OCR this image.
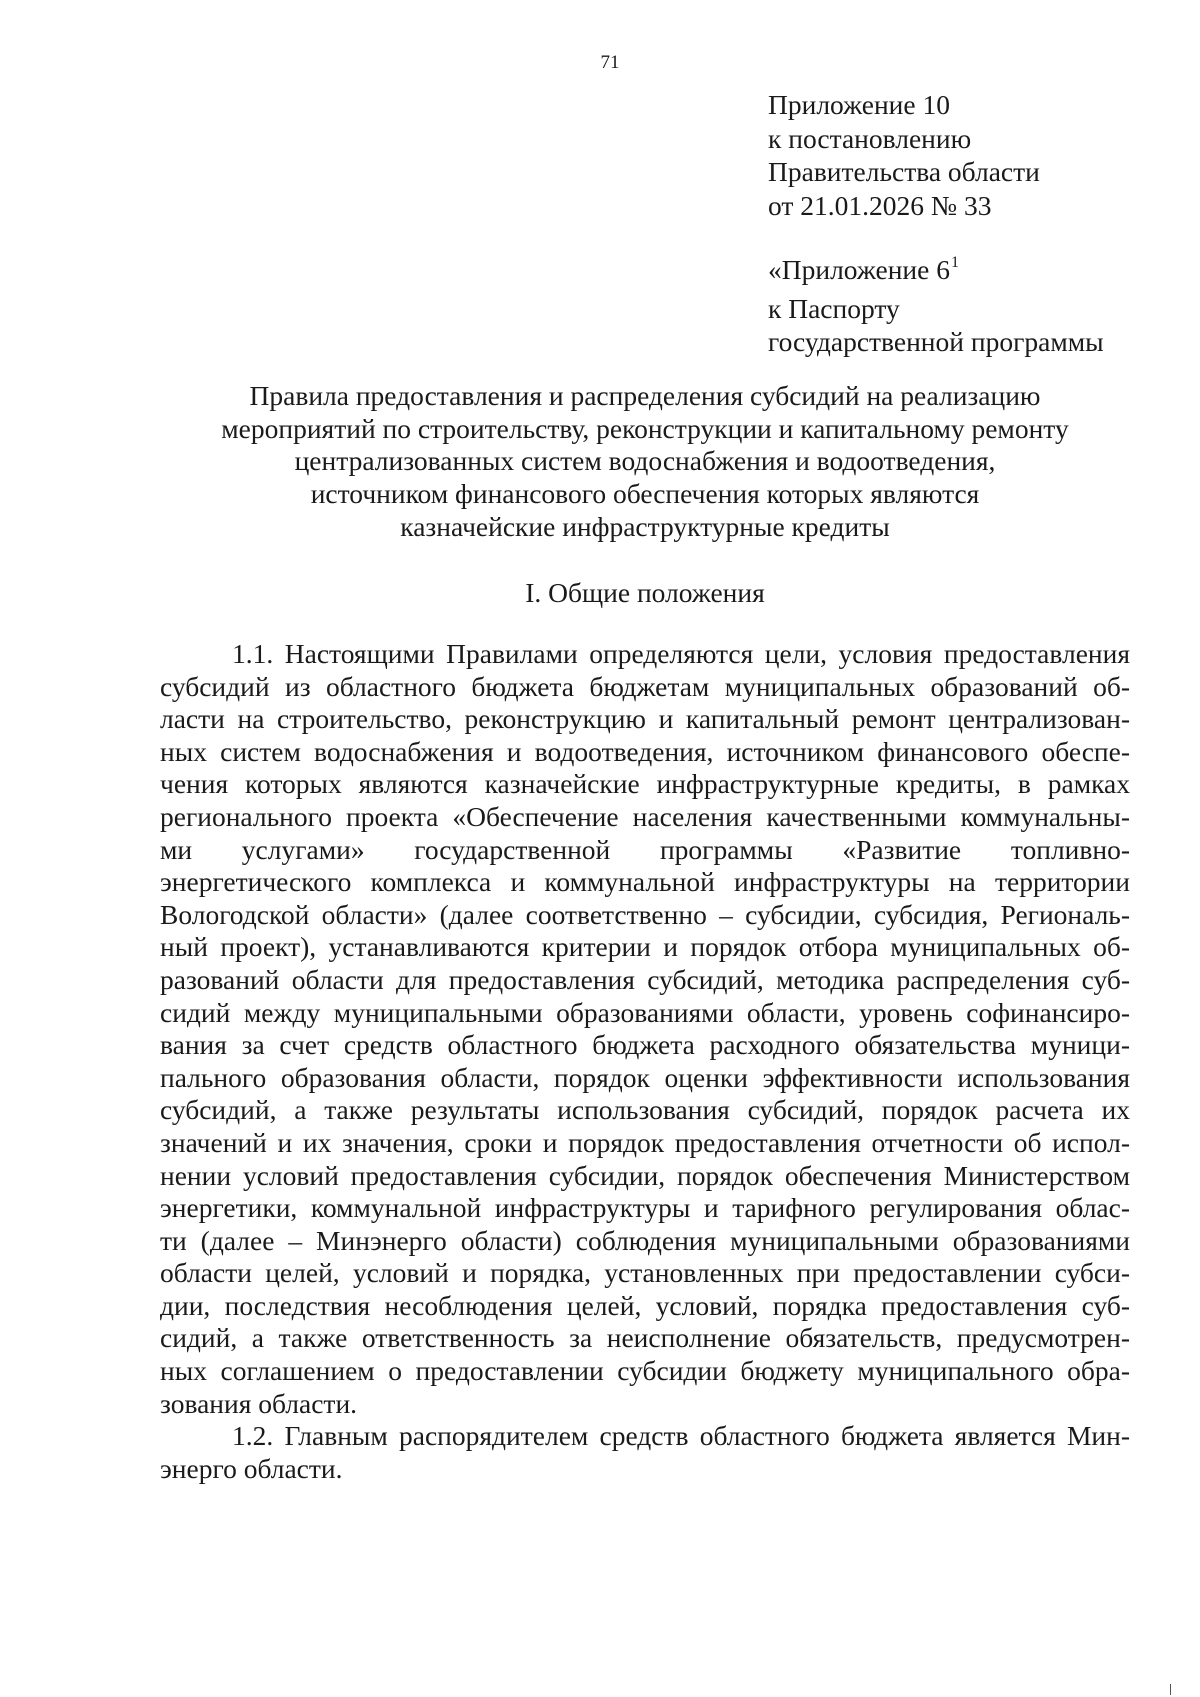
71
Приложение 10
к постановлению
Правительства области
от 21.01.2026 № 33
«Приложение $6^1$
к Паспорту
государственной программы
Правила предоставления и распределения субсидий на реализацию
мероприятий по строительству, реконструкции и капитальному ремонту
централизованных систем водоснабжения и водоотведения,
источником финансового обеспечения которых являются
казначейские инфраструктурные кредиты
I. Общие положения
1.1. Настоящими Правилами определяются цели, условия предоставления
субсидий из областного бюджета бюджетам муниципальных образований об-
ласти на строительство, реконструкцию и капитальный ремонт централизован-
ных систем водоснабжения и водоотведения, источником финансового обеспе-
чения которых являются казначейские инфраструктурные кредиты, в рамках
регионального проекта «Обеспечение населения качественными коммунальны-
ми услугами» государственной программы «Развитие топливно-
энергетического комплекса и коммунальной инфраструктуры на территории
Вологодской области» (далее соответственно – субсидии, субсидия, Региональ-
ный проект), устанавливаются критерии и порядок отбора муниципальных об-
разований области для предоставления субсидий, методика распределения суб-
сидий между муниципальными образованиями области, уровень софинансиро-
вания за счет средств областного бюджета расходного обязательства муници-
пального образования области, порядок оценки эффективности использования
субсидий, а также результаты использования субсидий, порядок расчета их
значений и их значения, сроки и порядок предоставления отчетности об испол-
нении условий предоставления субсидии, порядок обеспечения Министерством
энергетики, коммунальной инфраструктуры и тарифного регулирования облас-
ти (далее – Минэнерго области) соблюдения муниципальными образованиями
области целей, условий и порядка, установленных при предоставлении субси-
дии, последствия несоблюдения целей, условий, порядка предоставления суб-
сидий, а также ответственность за неисполнение обязательств, предусмотрен-
ных соглашением о предоставлении субсидии бюджету муниципального обра-
зования области.
1.2. Главным распорядителем средств областного бюджета является Мин-
энерго области.
